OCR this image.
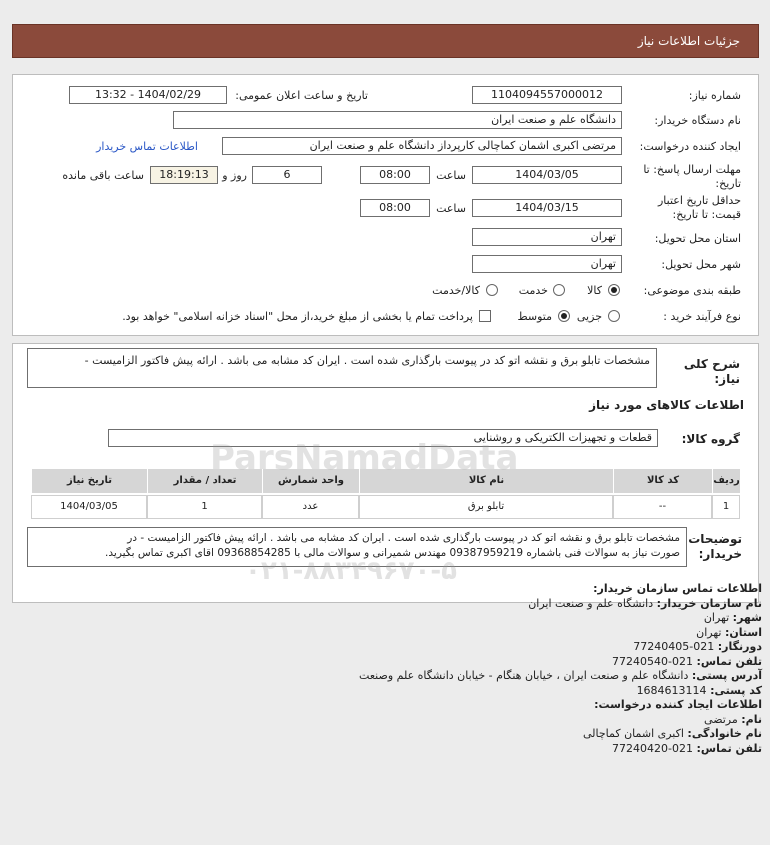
جزئیات اطلاعات نیاز
شماره نیاز:
1104094557000012
تاریخ و ساعت اعلان عمومی:
1404/02/29 - 13:32
نام دستگاه خریدار:
دانشگاه علم و صنعت ایران
ایجاد کننده درخواست:
مرتضی اکبری اشمان کماچالی کارپرداز دانشگاه علم و صنعت ایران
اطلاعات تماس خریدار
مهلت ارسال پاسخ: تا
تاریخ:
1404/03/05
ساعت
08:00
6
روز و
18:19:13
ساعت باقی مانده
حداقل تاریخ اعتبار
قیمت: تا تاریخ:
1404/03/15
ساعت
08:00
استان محل تحویل:
تهران
شهر محل تحویل:
تهران
طبقه بندی موضوعی:
کالا
خدمت
کالا/خدمت
نوع فرآیند خرید :
جزیی
متوسط
پرداخت تمام یا بخشی از مبلغ خرید،از محل "اسناد خزانه اسلامی" خواهد بود.
شرح کلی
نیاز:
مشخصات تابلو برق و نقشه اتو کد در پیوست بارگذاری شده است . ایران کد مشابه می باشد . ارائه پیش فاکتور الزامیست -
اطلاعات کالاهای مورد نیاز
گروه کالا:
قطعات و تجهیزات الکتریکی و روشنایی
ردیف
کد کالا
نام کالا
واحد شمارش
تعداد / مقدار
تاریخ نیاز
1
--
تابلو برق
عدد
1
1404/03/05
توضیحات
خریدار:
مشخصات تابلو برق و نقشه اتو کد در پیوست بارگذاری شده است . ایران کد مشابه می باشد . ارائه پیش فاکتور الزامیست - در
صورت نیاز به سوالات فنی باشماره 09387959219 مهندس شمیرانی و سوالات مالی با 09368854285 اقای اکبری تماس بگیرید.
ParsNamadData
۰۲۱-۸۸۳۴۹۶۷۰-۵
اطلاعات تماس سازمان خریدار:
نام سازمان خریدار: دانشگاه علم و صنعت ایران
شهر: تهران
استان: تهران
دورنگار: 021-77240405
تلفن تماس: 021-77240540
آدرس پستی: دانشگاه علم و صنعت ایران ، خیابان هنگام - خیابان دانشگاه علم وصنعت
کد پستی: 1684613114
اطلاعات ایجاد کننده درخواست:
نام: مرتضی
نام خانوادگی: اکبری اشمان کماچالی
تلفن تماس: 021-77240420
